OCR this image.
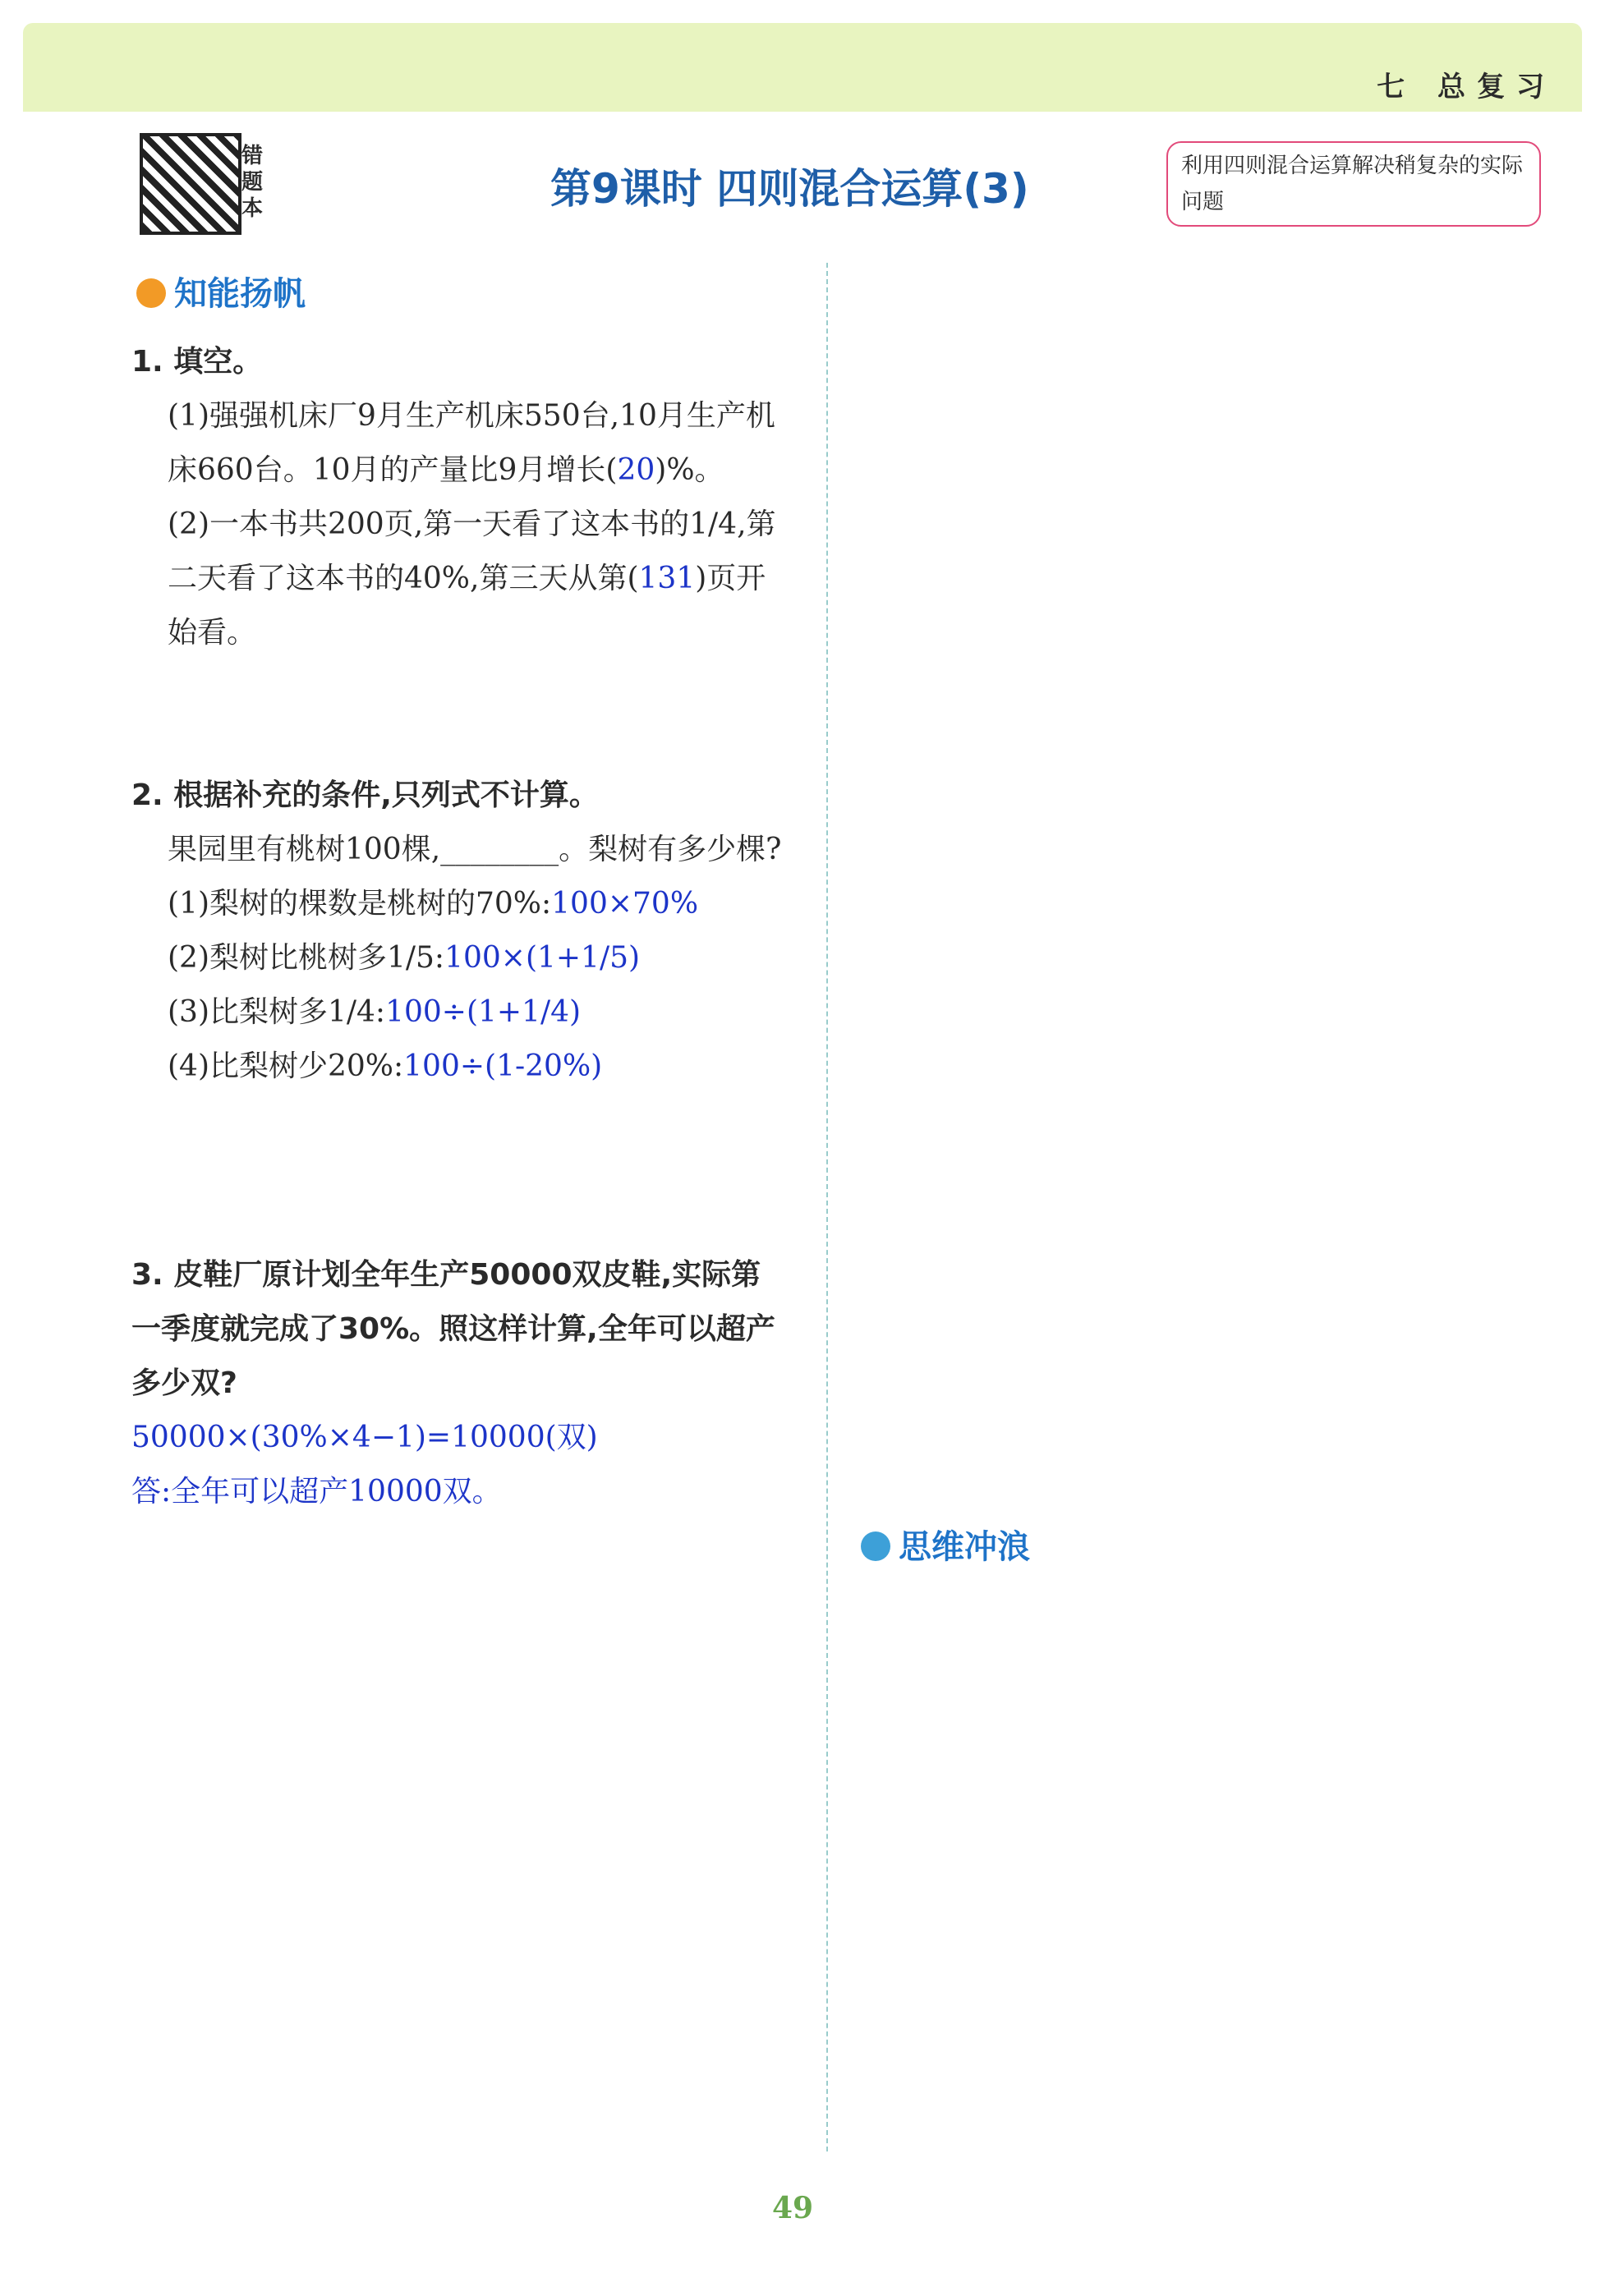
七 总复习
错题本	第9课时 四则混合运算(3)	利用四则混合运算解决稍复杂的实际问题
知能扬帆
1. 填空。
(1)强强机床厂9月生产机床550台,10月生产机床660台。10月的产量比9月增长(20)%。
(2)一本书共200页,第一天看了这本书的1/4,第二天看了这本书的40%,第三天从第(131)页开始看。
2. 根据补充的条件,只列式不计算。
果园里有桃树100棵,________。梨树有多少棵?
(1)梨树的棵数是桃树的70%:100×70%
(2)梨树比桃树多1/5:100×(1+1/5)
(3)比梨树多1/4:100÷(1+1/4)
(4)比梨树少20%:100÷(1-20%)
3. 皮鞋厂原计划全年生产50000双皮鞋,实际第一季度就完成了30%。照这样计算,全年可以超产多少双?
50000×(30%×4−1)=10000(双)
答:全年可以超产10000双。
思维冲浪
49
